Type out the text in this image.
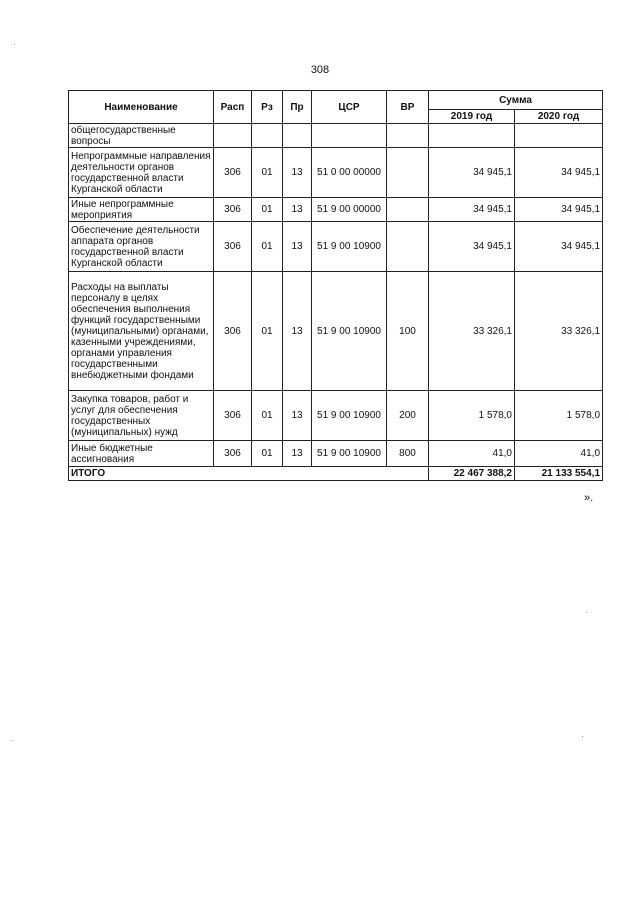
308
Наименование	Расп	Рз	Пр	ЦСР	ВР	Сумма	
						2019 год	2020 год
общегосударственные вопросы							
Непрограммные направления деятельности органов государственной власти Курганской области	306	01	13	51 0 00 00000		34 945,1	34 945,1
Иные непрограммные мероприятия	306	01	13	51 9 00 00000		34 945,1	34 945,1
Обеспечение деятельности аппарата органов государственной власти Курганской области	306	01	13	51 9 00 10900		34 945,1	34 945,1
Расходы на выплаты персоналу в целях обеспечения выполнения функций государственными (муниципальными) органами, казенными учреждениями, органами управления государственными внебюджетными фондами	306	01	13	51 9 00 10900	100	33 326,1	33 326,1
Закупка товаров, работ и услуг для обеспечения государственных (муниципальных) нужд	306	01	13	51 9 00 10900	200	1 578,0	1 578,0
Иные бюджетные ассигнования	306	01	13	51 9 00 10900	800	41,0	41,0
ИТОГО						22 467 388,2	21 133 554,1
».
